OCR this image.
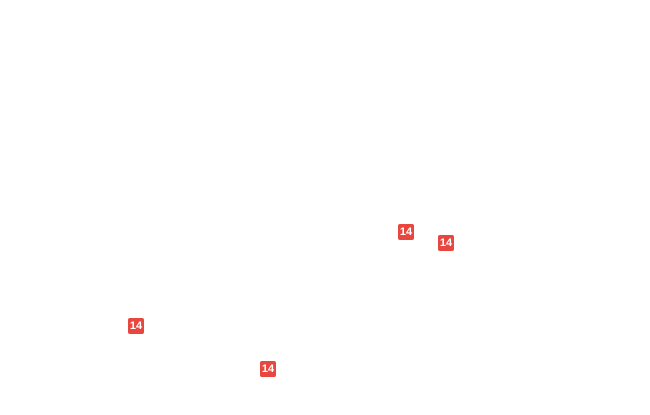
14
14
14
14
